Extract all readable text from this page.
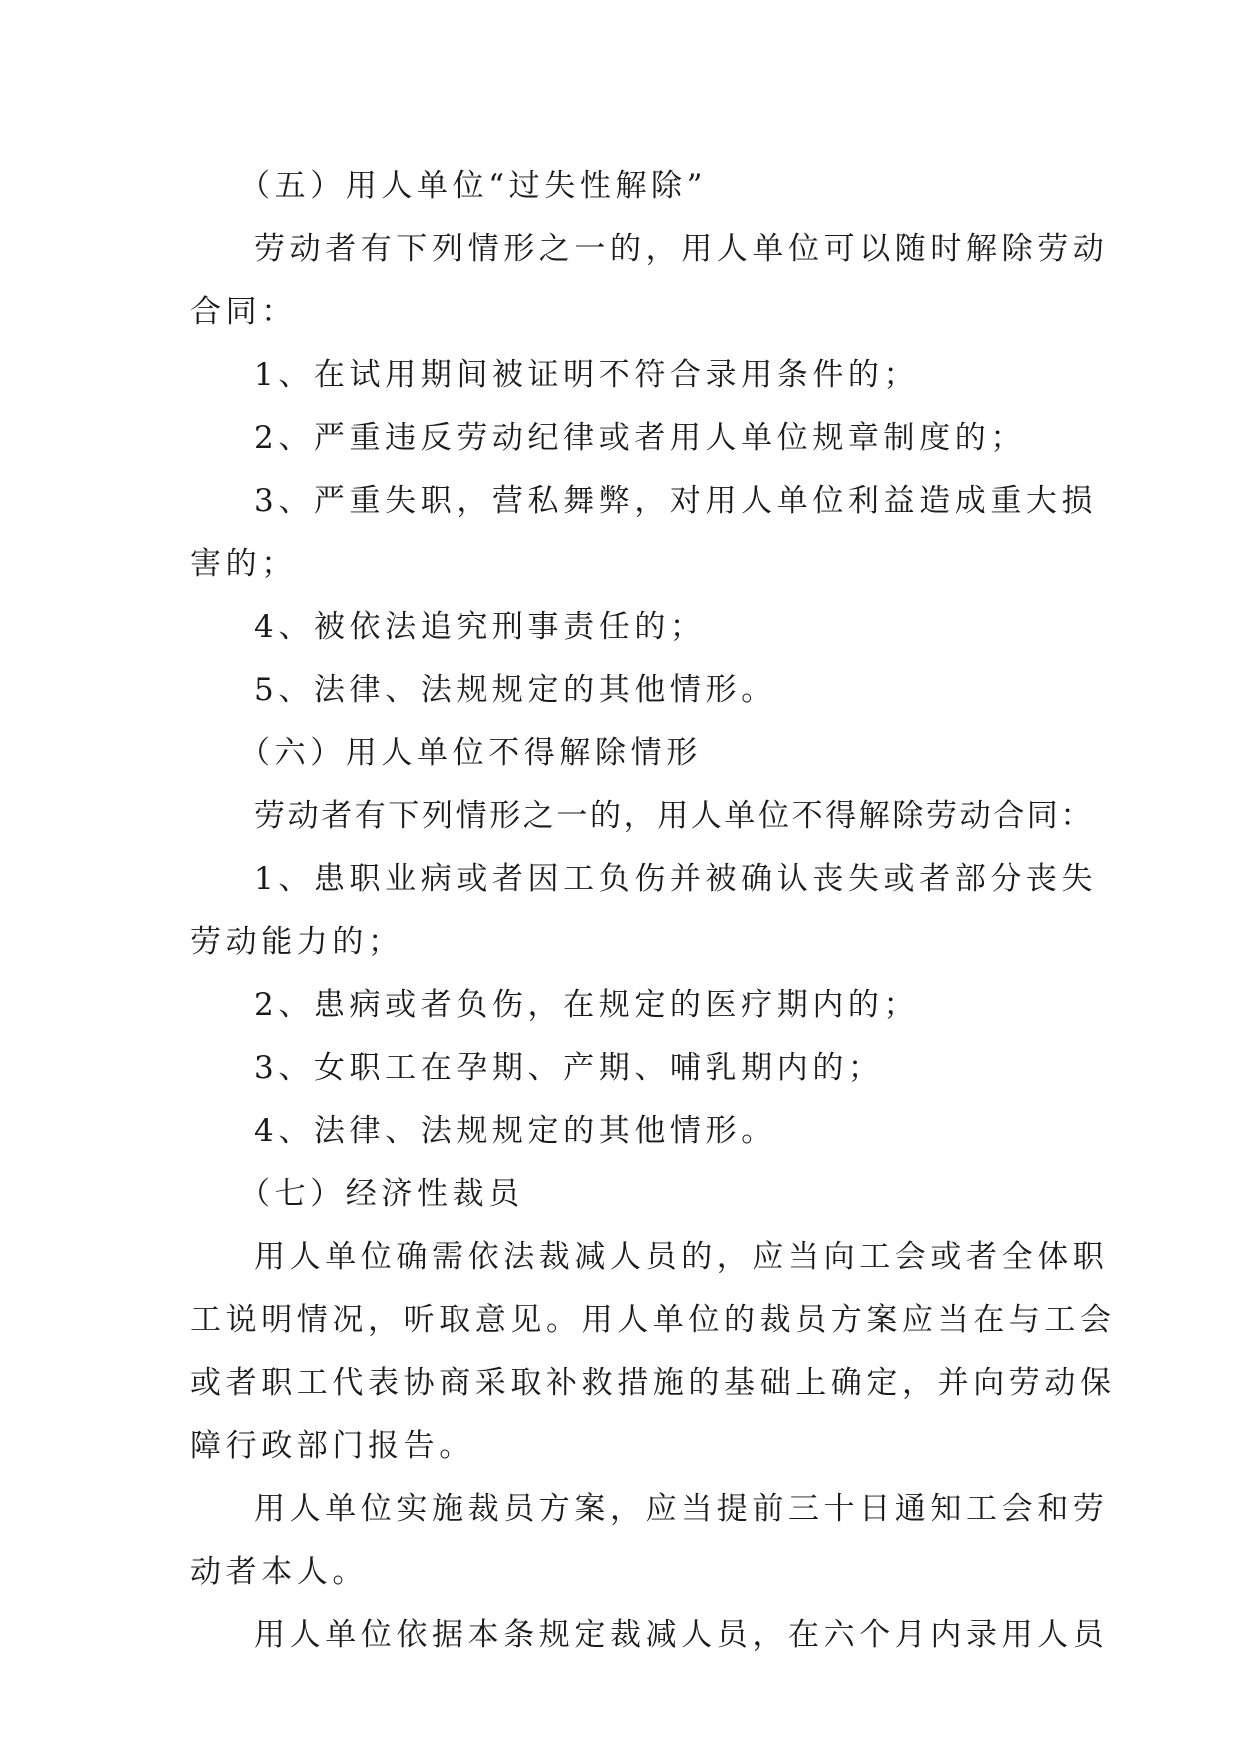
（五）用人单位“过失性解除”

劳动者有下列情形之一的，用人单位可以随时解除劳动

合同：

1、在试用期间被证明不符合录用条件的；

2、严重违反劳动纪律或者用人单位规章制度的；

3、严重失职，营私舞弊，对用人单位利益造成重大损

害的；

4、被依法追究刑事责任的；

5、法律、法规规定的其他情形。

（六）用人单位不得解除情形

劳动者有下列情形之一的，用人单位不得解除劳动合同：

1、患职业病或者因工负伤并被确认丧失或者部分丧失

劳动能力的；

2、患病或者负伤，在规定的医疗期内的；

3、女职工在孕期、产期、哺乳期内的；

4、法律、法规规定的其他情形。

（七）经济性裁员

用人单位确需依法裁减人员的，应当向工会或者全体职

工说明情况，听取意见。用人单位的裁员方案应当在与工会

或者职工代表协商采取补救措施的基础上确定，并向劳动保

障行政部门报告。

用人单位实施裁员方案，应当提前三十日通知工会和劳

动者本人。

用人单位依据本条规定裁减人员，在六个月内录用人员
